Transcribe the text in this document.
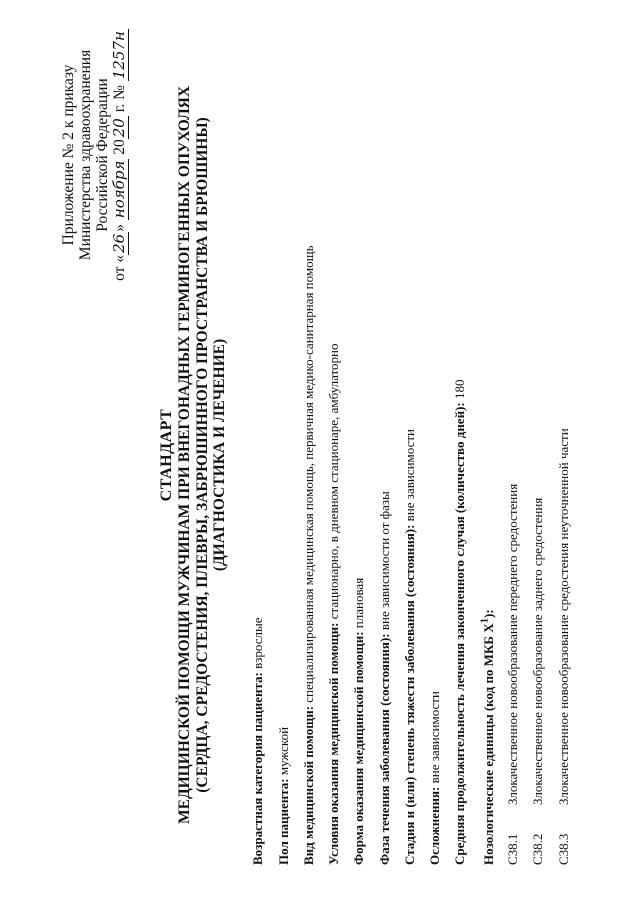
Приложение № 2 к приказу Министерства здравоохранения Российской Федерации
от «26» ноября 2020 г. № 1257н
СТАНДАРТ МЕДИЦИНСКОЙ ПОМОЩИ МУЖЧИНАМ ПРИ ВНЕГОНАДНЫХ ГЕРМИНОГЕННЫХ ОПУХОЛЯХ (СЕРДЦА, СРЕДОСТЕНИЯ, ПЛЕВРЫ, ЗАБРЮШИННОГО ПРОСТРАНСТВА И БРЮШИНЫ) (ДИАГНОСТИКА И ЛЕЧЕНИЕ)
Возрастная категория пациента: взрослые
Пол пациента: мужской Вид медицинской помощи: специализированная медицинская помощь, первичная медико-санитарная помощь
Условия оказания медицинской помощи: стационарно, в дневном стационаре, амбулаторно
Форма оказания медицинской помощи: плановая
Фаза течения заболевания (состояния): вне зависимости от фазы Стадия и (или) степень тяжести заболевания (состояния): вне зависимости
Осложнения: вне зависимости Средняя продолжительность лечения законченного случая (количество дней): 180
Нозологические единицы (код по МКБ $X^1$):
C38.1
Злокачественное новообразование переднего средостения
C38.2
Злокачественное новообразование заднего средостения
C38.3
Злокачественное новообразование средостения неуточненной части
